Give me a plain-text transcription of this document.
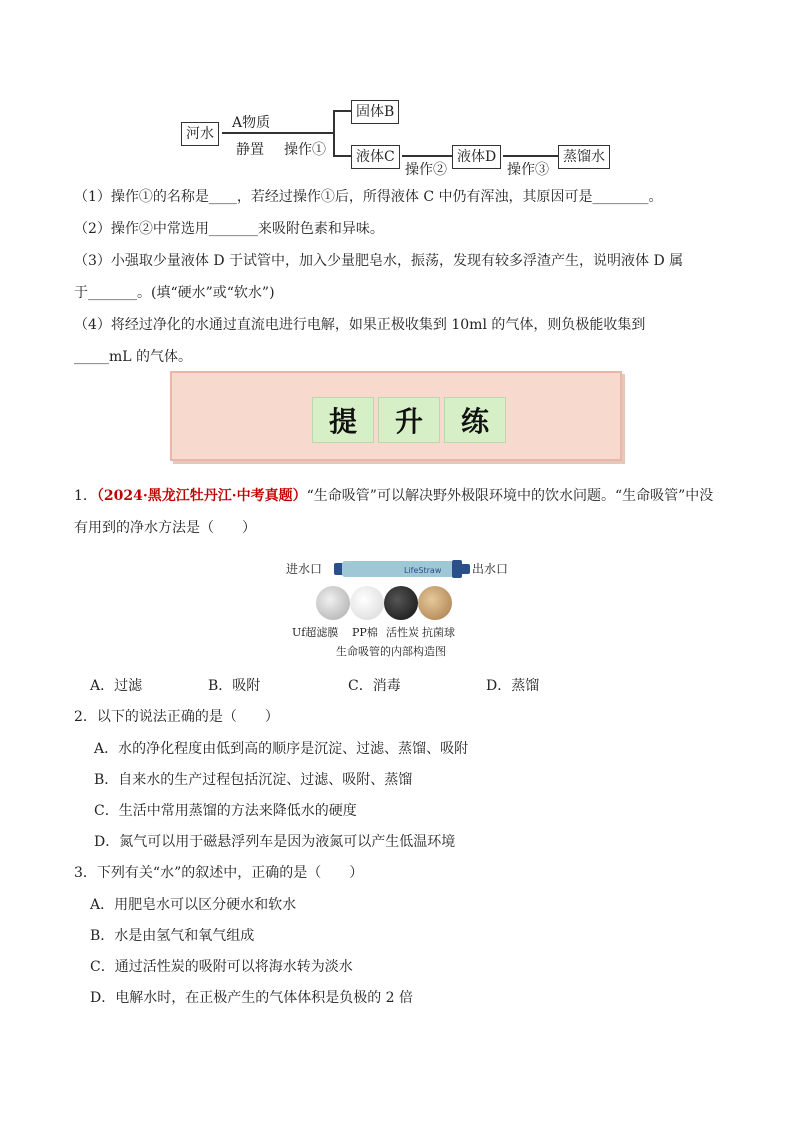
河水
A物质
静置 操作①
固体B
液体C
操作②
液体D
操作③
蒸馏水
（1）操作①的名称是____，若经过操作①后，所得液体 C 中仍有浑浊，其原因可是________。
（2）操作②中常选用_______来吸附色素和异味。
（3）小强取少量液体 D 于试管中，加入少量肥皂水，振荡，发现有较多浮渣产生，说明液体 D 属
于_______。(填“硬水”或“软水”)
（4）将经过净化的水通过直流电进行电解，如果正极收集到 10ml 的气体，则负极能收集到
_____mL 的气体。
提	升	练
1．（2024·黑龙江牡丹江·中考真题）“生命吸管”可以解决野外极限环境中的饮水问题。“生命吸管”中没
有用到的净水方法是（　　）
进水口	出水口
LifeStraw
Uf超滤膜 PP棉 活性炭 抗菌球
生命吸管的内部构造图
A．过滤	B．吸附	C．消毒	D．蒸馏
2．以下的说法正确的是（　　）
A．水的净化程度由低到高的顺序是沉淀、过滤、蒸馏、吸附
B．自来水的生产过程包括沉淀、过滤、吸附、蒸馏
C．生活中常用蒸馏的方法来降低水的硬度
D．氮气可以用于磁悬浮列车是因为液氮可以产生低温环境
3．下列有关“水”的叙述中，正确的是（　　）
A．用肥皂水可以区分硬水和软水
B．水是由氢气和氧气组成
C．通过活性炭的吸附可以将海水转为淡水
D．电解水时，在正极产生的气体体积是负极的 2 倍
